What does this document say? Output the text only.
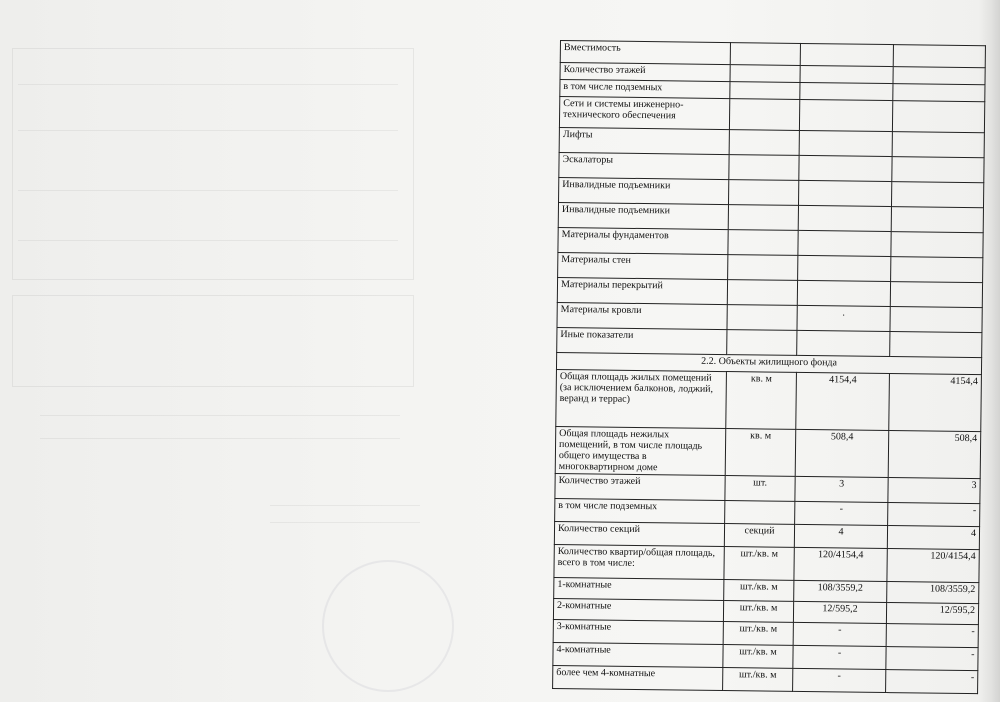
Вместимость			
Количество этажей			
в том числе подземных			
Сети и системы инженерно-технического обеспечения			
Лифты			
Эскалаторы			
Инвалидные подъемники			
Инвалидные подъемники			
Материалы фундаментов			
Материалы стен			
Материалы перекрытий			
Материалы кровли		.	
Иные показатели			
2.2. Объекты жилищного фонда			
Общая площадь жилых помещений (за исключением балконов, лоджий, веранд и террас)	кв. м	4154,4	4154,4
Общая площадь нежилых помещений, в том числе площадь общего имущества в многоквартирном доме	кв. м	508,4	508,4
Количество этажей	шт.	3	3
в том числе подземных		-	-
Количество секций	секций	4	4
Количество квартир/общая площадь, всего в том числе:	шт./кв. м	120/4154,4	120/4154,4
1-комнатные	шт./кв. м	108/3559,2	108/3559,2
2-комнатные	шт./кв. м	12/595,2	12/595,2
3-комнатные	шт./кв. м	-	-
4-комнатные	шт./кв. м	-	-
более чем 4-комнатные	шт./кв. м	-	-
